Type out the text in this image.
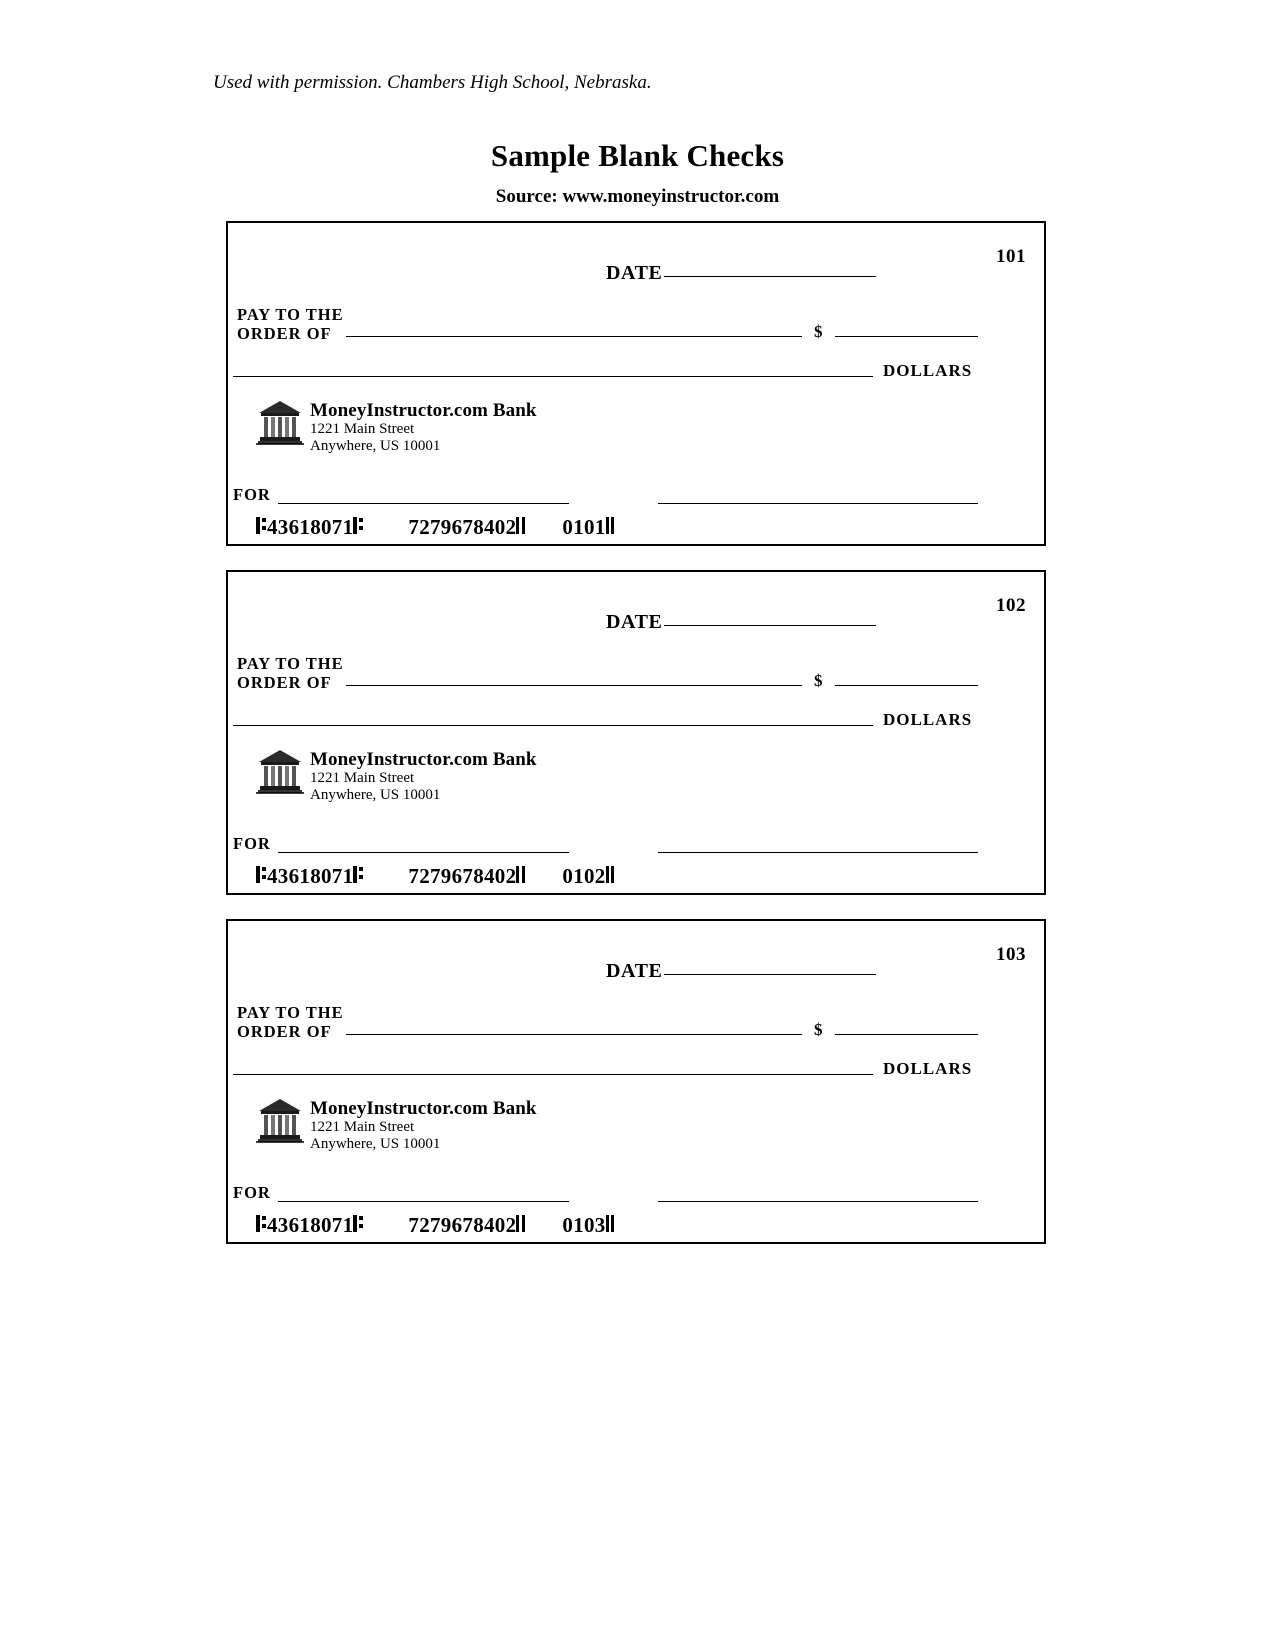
Used with permission. Chambers High School, Nebraska.
Sample Blank Checks
Source: www.moneyinstructor.com
101
DATE
PAY TO THE
ORDER OF	$
DOLLARS
MoneyInstructor.com Bank
1221 Main Street
Anywhere, US 10001
FOR
43618071	7279678402 0101
102
DATE
PAY TO THE
ORDER OF	$
DOLLARS
MoneyInstructor.com Bank
1221 Main Street
Anywhere, US 10001
FOR
43618071	7279678402 0102
103
DATE
PAY TO THE
ORDER OF	$
DOLLARS
MoneyInstructor.com Bank
1221 Main Street
Anywhere, US 10001
FOR
43618071	7279678402 0103
